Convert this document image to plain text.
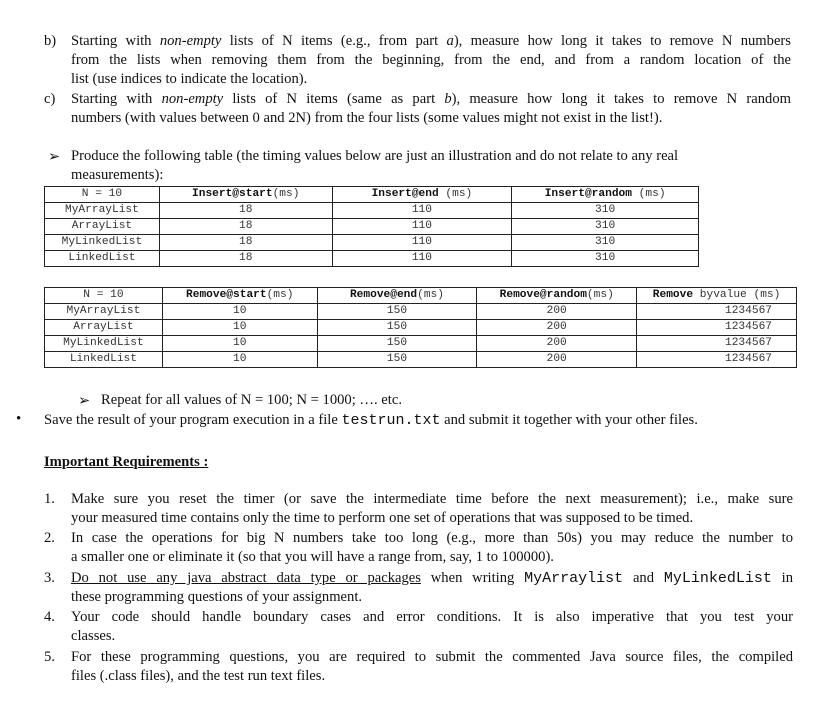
b) Starting with non-empty lists of N items (e.g., from part a), measure how long it takes to remove N numbers
from the lists when removing them from the beginning, from the end, and from a random location of the
list (use indices to indicate the location).
c) Starting with non-empty lists of N items (same as part b), measure how long it takes to remove N random
numbers (with values between 0 and 2N) from the four lists (some values might not exist in the list!).
➢ Produce the following table (the timing values below are just an illustration and do not relate to any real
measurements):
N = 10	Insert@start(ms)	Insert@end (ms)	Insert@random (ms)
MyArrayList	18	110	310
ArrayList	18	110	310
MyLinkedList	18	110	310
LinkedList	18	110	310
N = 10	Remove@start(ms)	Remove@end(ms)	Remove@random(ms)	Remove byvalue (ms)
MyArrayList	10	150	200	1234567
ArrayList	10	150	200	1234567
MyLinkedList	10	150	200	1234567
LinkedList	10	150	200	1234567
➢ Repeat for all values of N = 100; N = 1000; …. etc.
• Save the result of your program execution in a file testrun.txt and submit it together with your other files.
Important Requirements :
1. Make sure you reset the timer (or save the intermediate time before the next measurement); i.e., make sure
your measured time contains only the time to perform one set of operations that was supposed to be timed.
2. In case the operations for big N numbers take too long (e.g., more than 50s) you may reduce the number to
a smaller one or eliminate it (so that you will have a range from, say, 1 to 100000).
3. Do not use any java abstract data type or packages when writing MyArraylist and MyLinkedList in
these programming questions of your assignment.
4. Your code should handle boundary cases and error conditions. It is also imperative that you test your
classes.
5. For these programming questions, you are required to submit the commented Java source files, the compiled
files (.class files), and the test run text files.
